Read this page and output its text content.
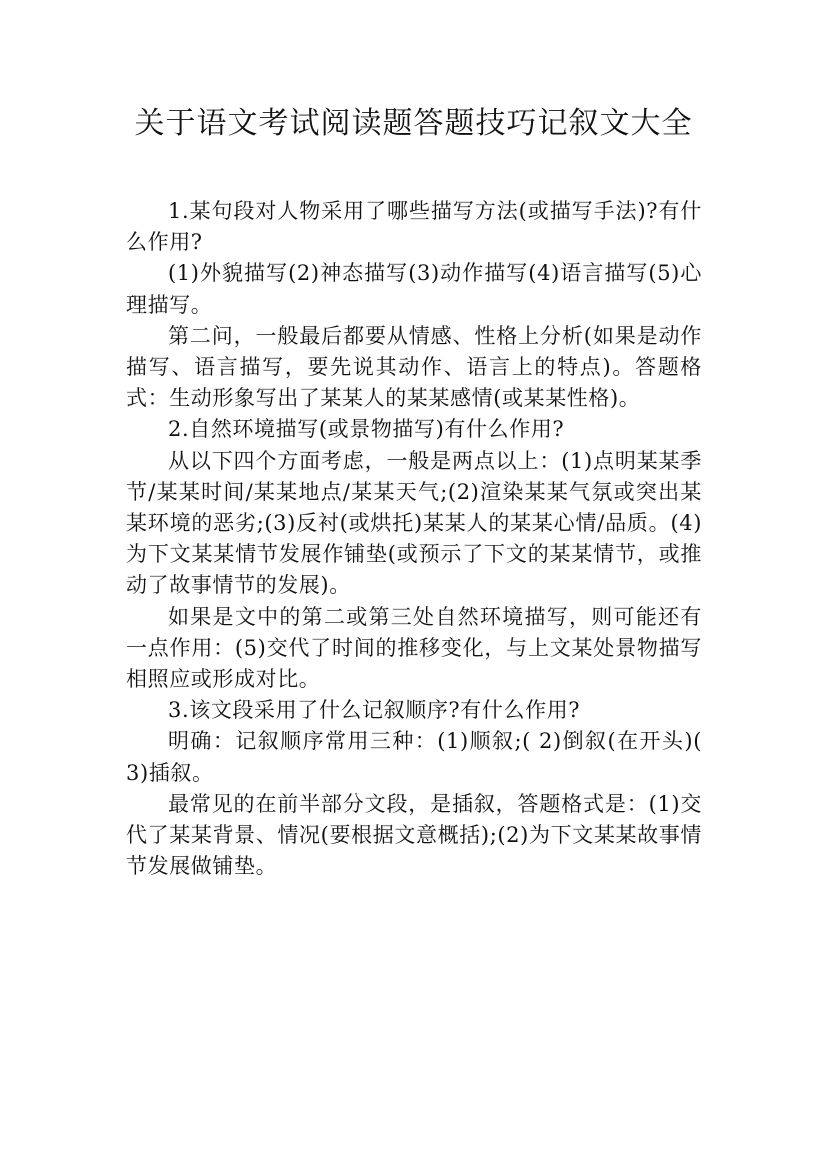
关于语文考试阅读题答题技巧记叙文大全

1.某句段对人物采用了哪些描写方法(或描写手法)?有什么作用?

(1)外貌描写(2)神态描写(3)动作描写(4)语言描写(5)心理描写。

第二问，一般最后都要从情感、性格上分析(如果是动作描写、语言描写，要先说其动作、语言上的特点)。答题格式：生动形象写出了某某人的某某感情(或某某性格)。

2.自然环境描写(或景物描写)有什么作用?

从以下四个方面考虑，一般是两点以上：(1)点明某某季节/某某时间/某某地点/某某天气;(2)渲染某某气氛或突出某某环境的恶劣;(3)反衬(或烘托)某某人的某某心情/品质。(4)为下文某某情节发展作铺垫(或预示了下文的某某情节，或推动了故事情节的发展)。

如果是文中的第二或第三处自然环境描写，则可能还有一点作用：(5)交代了时间的推移变化，与上文某处景物描写相照应或形成对比。

3.该文段采用了什么记叙顺序?有什么作用?

明确：记叙顺序常用三种：(1)顺叙;( 2)倒叙(在开头)( 3)插叙。

最常见的在前半部分文段，是插叙，答题格式是：(1)交代了某某背景、情况(要根据文意概括);(2)为下文某某故事情节发展做铺垫。
